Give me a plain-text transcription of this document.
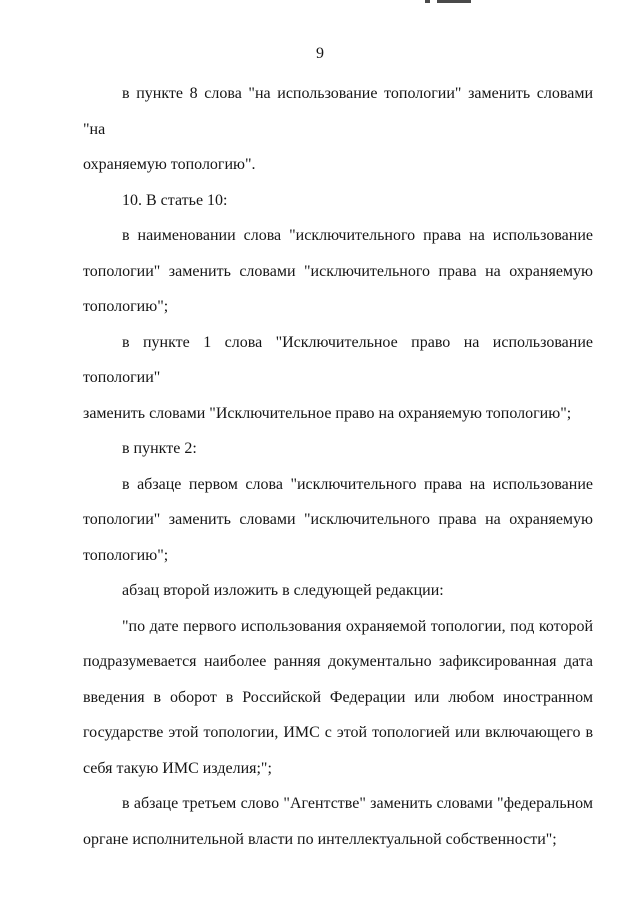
9

в пункте 8 слова "на использование топологии" заменить словами "на
охраняемую топологию".

10. В статье 10:

в наименовании слова "исключительного права на использование
топологии" заменить словами "исключительного права на охраняемую
топологию";

в пункте 1 слова "Исключительное право на использование топологии"
заменить словами "Исключительное право на охраняемую топологию";

в пункте 2:

в абзаце первом слова "исключительного права на использование
топологии" заменить словами "исключительного права на охраняемую
топологию";

абзац второй изложить в следующей редакции:

"по дате первого использования охраняемой топологии, под которой
подразумевается наиболее ранняя документально зафиксированная дата
введения в оборот в Российской Федерации или любом иностранном
государстве этой топологии, ИМС с этой топологией или включающего в
себя такую ИМС изделия;";

в абзаце третьем слово "Агентстве" заменить словами "федеральном
органе исполнительной власти по интеллектуальной собственности";
